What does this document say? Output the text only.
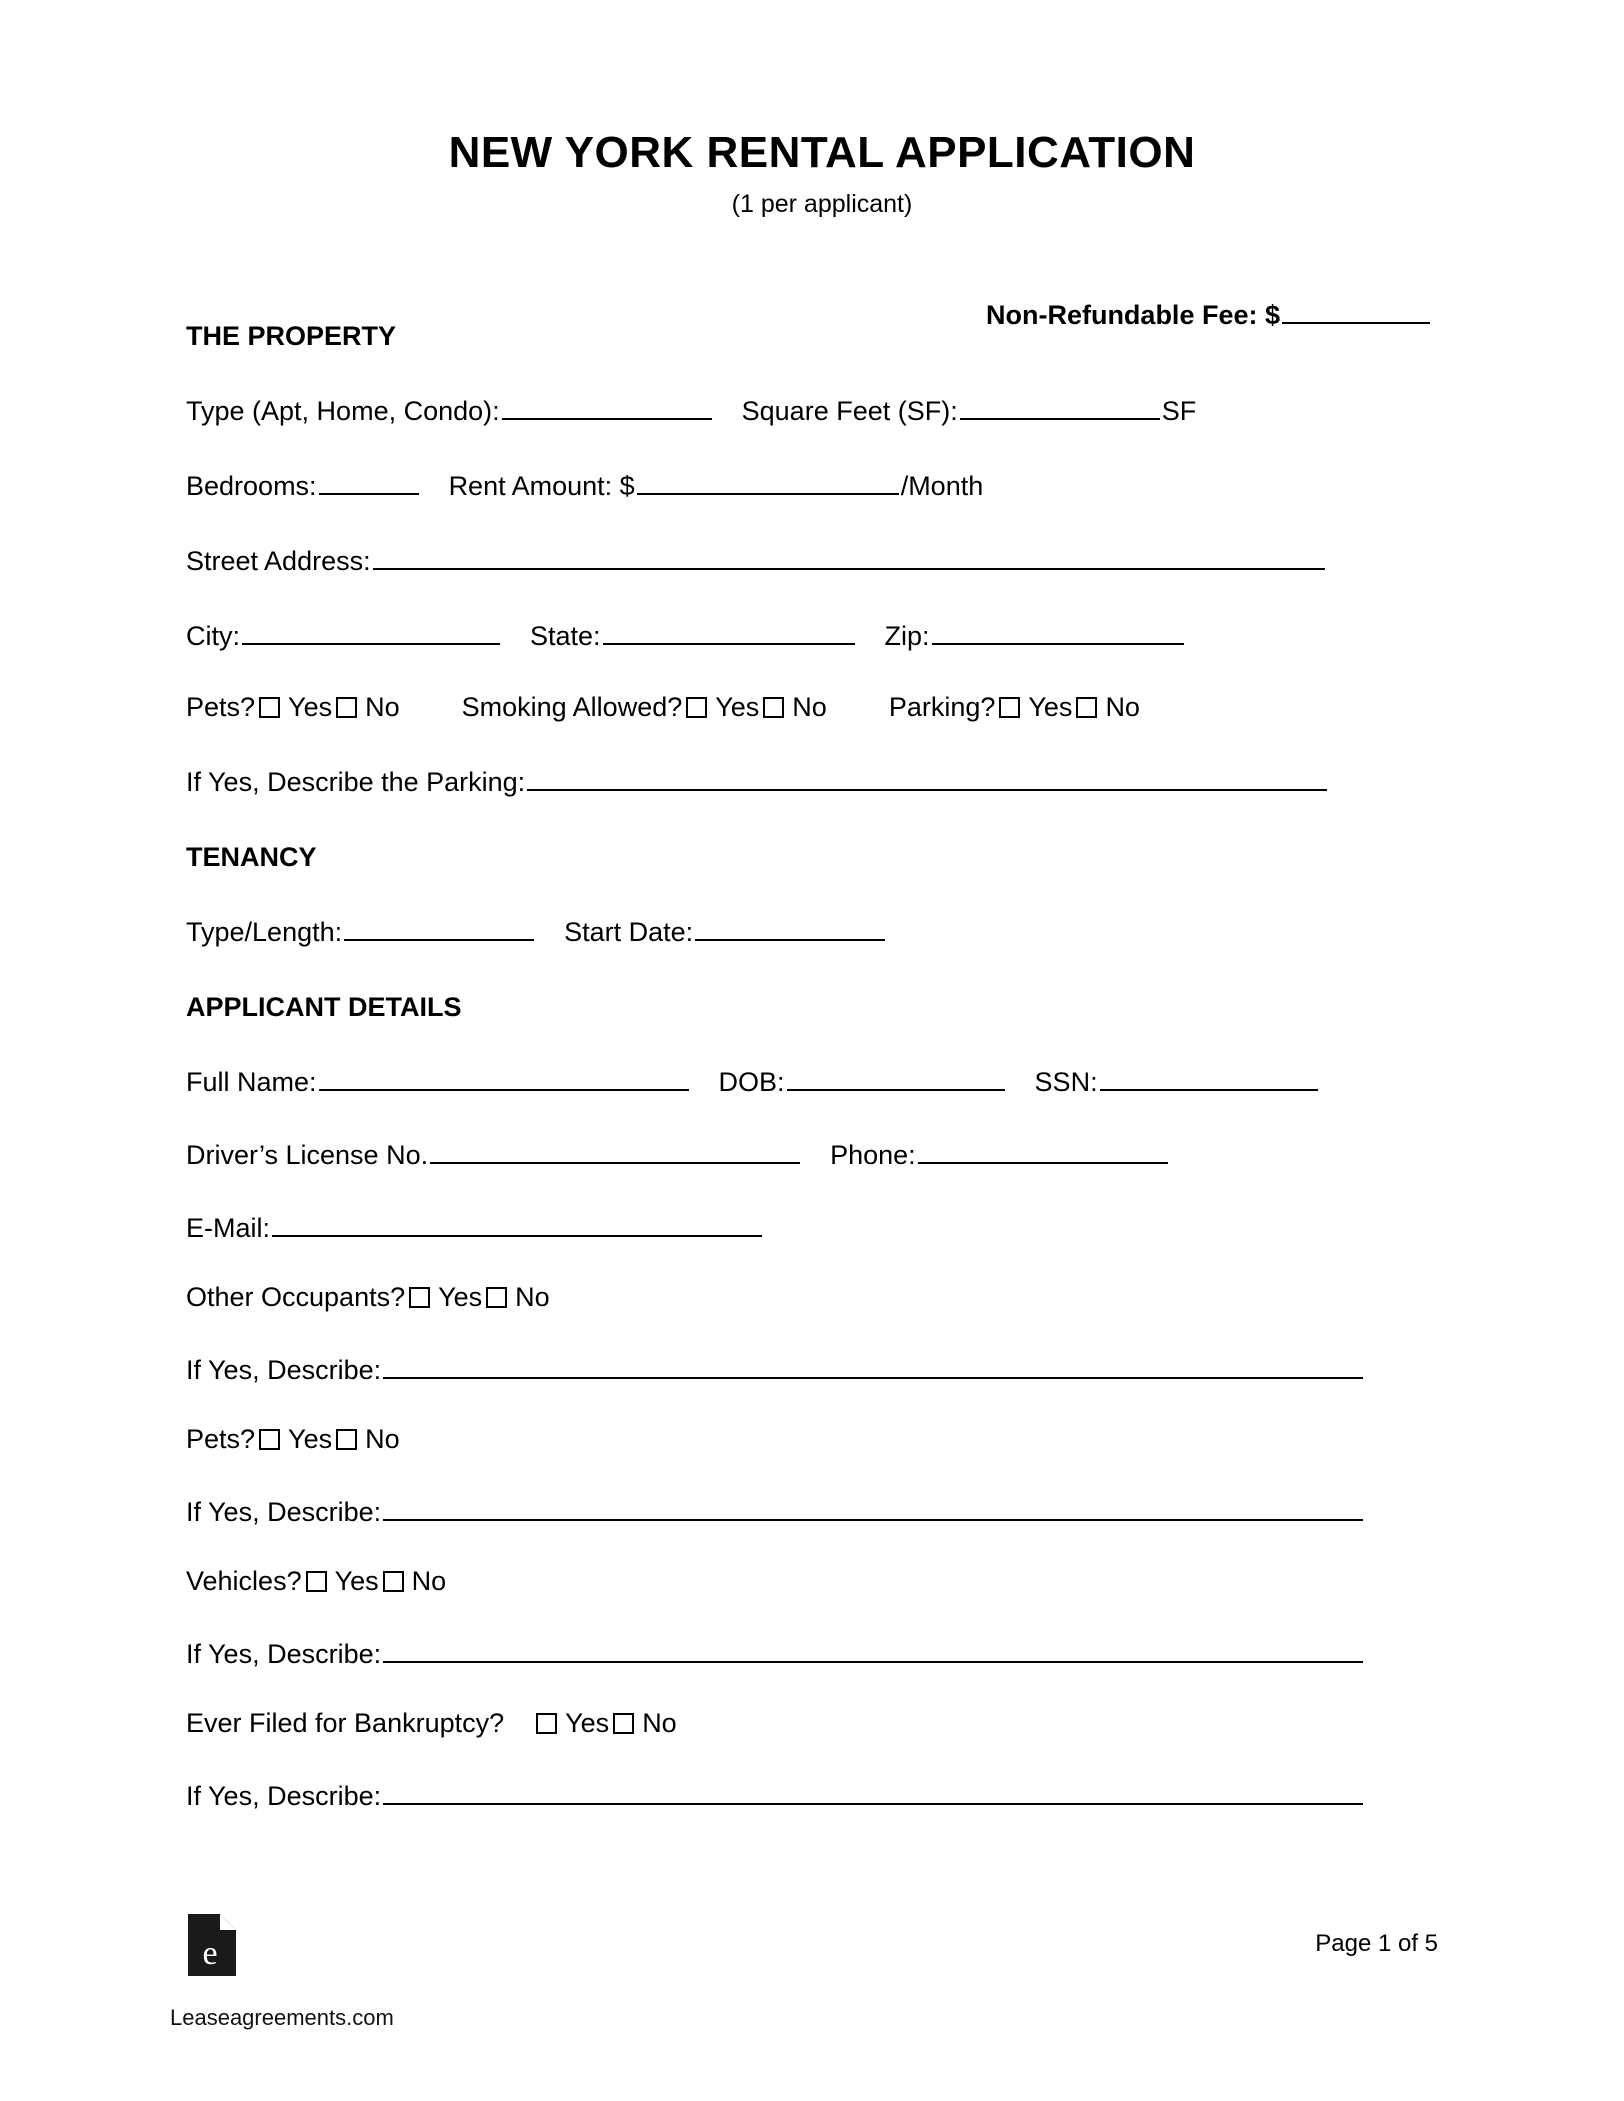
NEW YORK RENTAL APPLICATION
(1 per applicant)
Non-Refundable Fee: $
THE PROPERTY
Type (Apt, Home, Condo):	Square Feet (SF):	SF
Bedrooms:	Rent Amount: $	/Month
Street Address:
City:	State:	Zip:
Pets? Yes No Smoking Allowed? Yes No Parking? Yes No
If Yes, Describe the Parking:
TENANCY
Type/Length:	Start Date:
APPLICANT DETAILS
Full Name:	DOB:	SSN:
Driver’s License No.	Phone:
E-Mail:
Other Occupants? Yes No
If Yes, Describe:
Pets? Yes No
If Yes, Describe:
Vehicles? Yes No
If Yes, Describe:
Ever Filed for Bankruptcy? Yes No
If Yes, Describe:
e
Leaseagreements.com
Page 1 of 5
